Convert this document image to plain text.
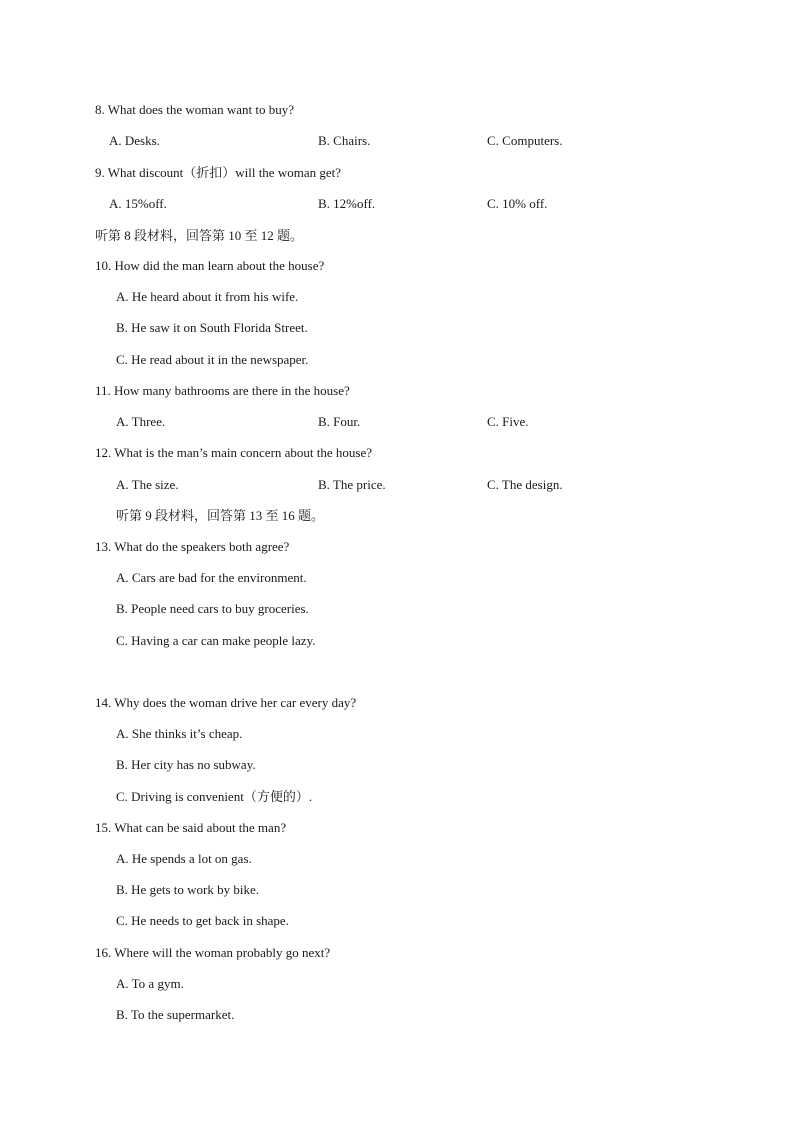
8. What does the woman want to buy?
A. Desks.	B. Chairs.	C. Computers.
9. What discount（折扣）will the woman get?
A. 15%off.	B. 12%off.	C. 10% off.
听第 8 段材料，回答第 10 至 12 题。
10. How did the man learn about the house?
A. He heard about it from his wife.
B. He saw it on South Florida Street.
C. He read about it in the newspaper.
11. How many bathrooms are there in the house?
A. Three.	B. Four.	C. Five.
12. What is the man’s main concern about the house?
A. The size.	B. The price.	C. The design.
听第 9 段材料，回答第 13 至 16 题。
13. What do the speakers both agree?
A. Cars are bad for the environment.
B. People need cars to buy groceries.
C. Having a car can make people lazy.
14. Why does the woman drive her car every day?
A. She thinks it’s cheap.
B. Her city has no subway.
C. Driving is convenient（方便的）.
15. What can be said about the man?
A. He spends a lot on gas.
B. He gets to work by bike.
C. He needs to get back in shape.
16. Where will the woman probably go next?
A. To a gym.
B. To the supermarket.
